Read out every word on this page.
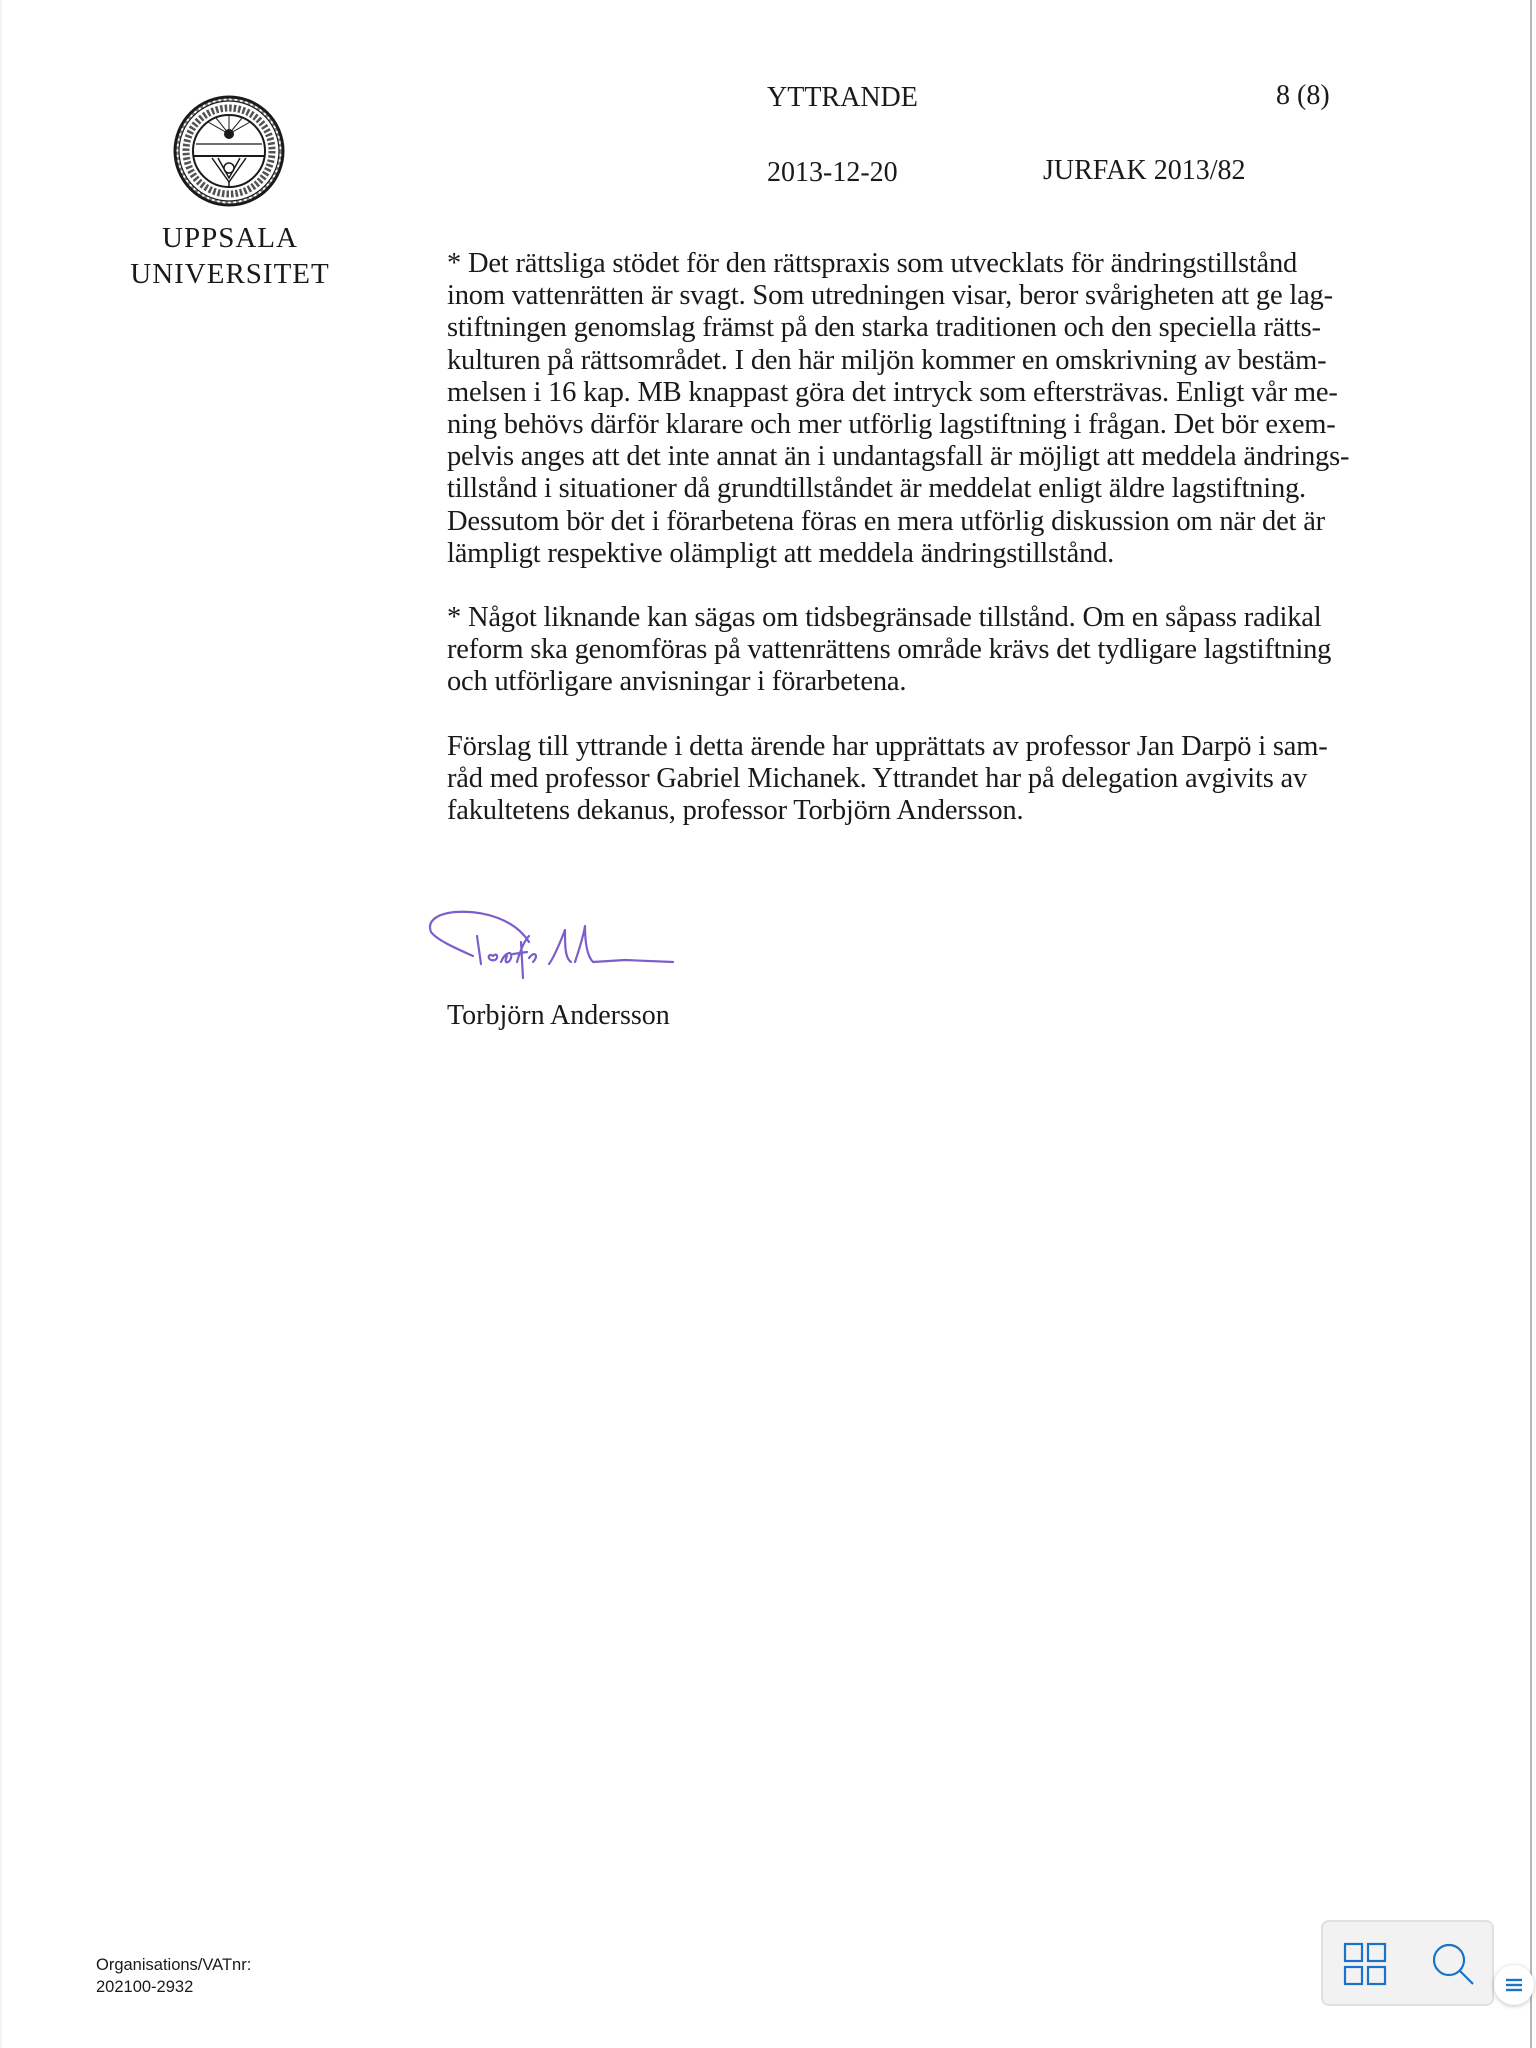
UPPSALA
UNIVERSITET
YTTRANDE	8 (8)
2013-12-20	JURFAK 2013/82

* Det rättsliga stödet för den rättspraxis som utvecklats för ändringstillstånd
inom vattenrätten är svagt. Som utredningen visar, beror svårigheten att ge lag-
stiftningen genomslag främst på den starka traditionen och den speciella rätts-
kulturen på rättsområdet. I den här miljön kommer en omskrivning av bestäm-
melsen i 16 kap. MB knappast göra det intryck som eftersträvas. Enligt vår me-
ning behövs därför klarare och mer utförlig lagstiftning i frågan. Det bör exem-
pelvis anges att det inte annat än i undantagsfall är möjligt att meddela ändrings-
tillstånd i situationer då grundtillståndet är meddelat enligt äldre lagstiftning.
Dessutom bör det i förarbetena föras en mera utförlig diskussion om när det är
lämpligt respektive olämpligt att meddela ändringstillstånd.

* Något liknande kan sägas om tidsbegränsade tillstånd. Om en såpass radikal
reform ska genomföras på vattenrättens område krävs det tydligare lagstiftning
och utförligare anvisningar i förarbetena.

Förslag till yttrande i detta ärende har upprättats av professor Jan Darpö i sam-
råd med professor Gabriel Michanek. Yttrandet har på delegation avgivits av
fakultetens dekanus, professor Torbjörn Andersson.

Torbjörn Andersson
Organisations/VATnr:
202100-2932
